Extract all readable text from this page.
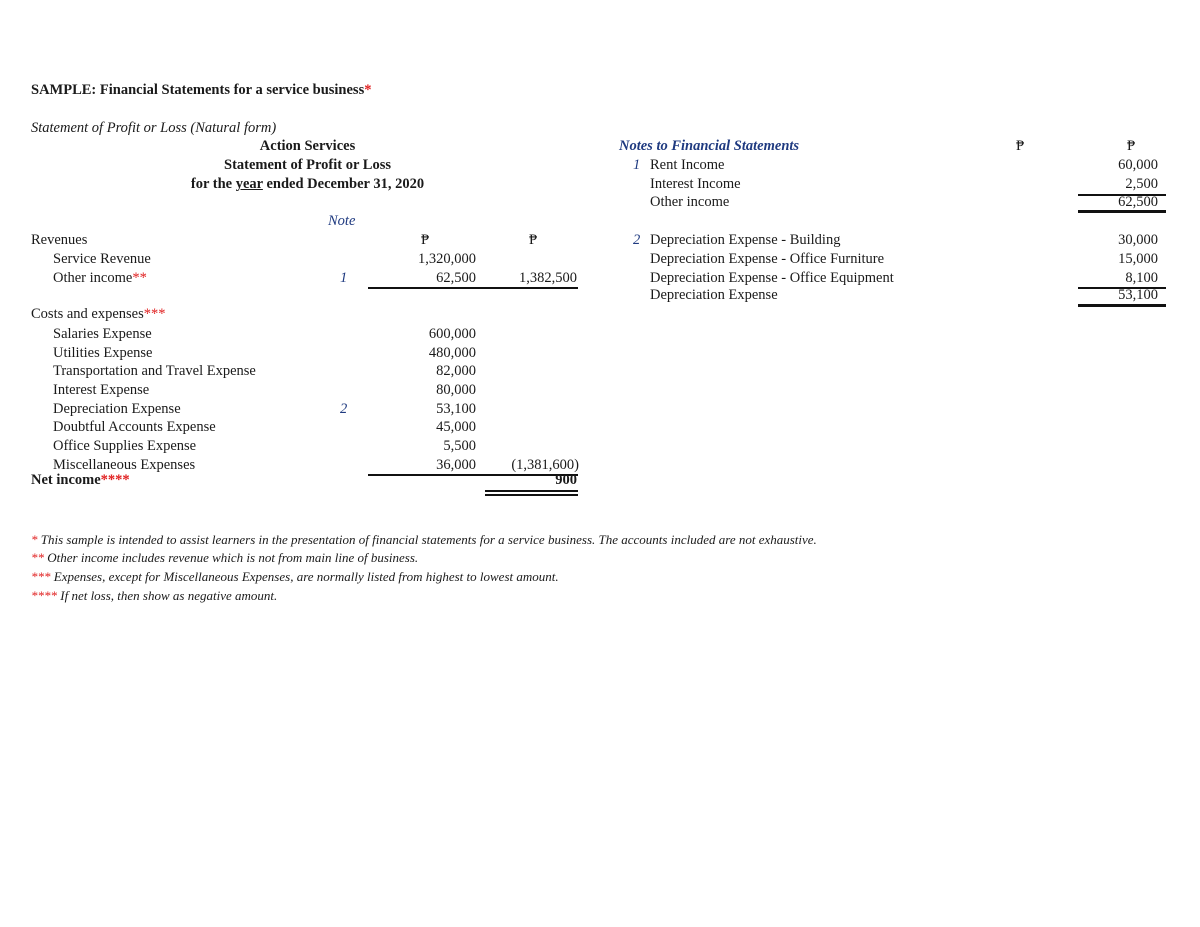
SAMPLE: Financial Statements for a service business*
Statement of Profit or Loss (Natural form)
Action Services
Statement of Profit or Loss
for the year ended December 31, 2020
Note
₱	₱
Revenues
Service Revenue	1,320,000
Other income**	1	62,500	1,382,500
Costs and expenses***
Salaries Expense	600,000
Utilities Expense	480,000
Transportation and Travel Expense	82,000
Interest Expense	80,000
Depreciation Expense	2	53,100
Doubtful Accounts Expense	45,000
Office Supplies Expense	5,500
Miscellaneous Expenses	36,000	(1,381,600)
Net income****	900
Notes to Financial Statements	₱	₱
1 Rent Income	60,000
Interest Income	2,500
Other income	62,500
2 Depreciation Expense - Building	30,000
Depreciation Expense - Office Furniture	15,000
Depreciation Expense - Office Equipment	8,100
Depreciation Expense	53,100
* This sample is intended to assist learners in the presentation of financial statements for a service business. The accounts included are not exhaustive.
** Other income includes revenue which is not from main line of business.
*** Expenses, except for Miscellaneous Expenses, are normally listed from highest to lowest amount.
**** If net loss, then show as negative amount.
